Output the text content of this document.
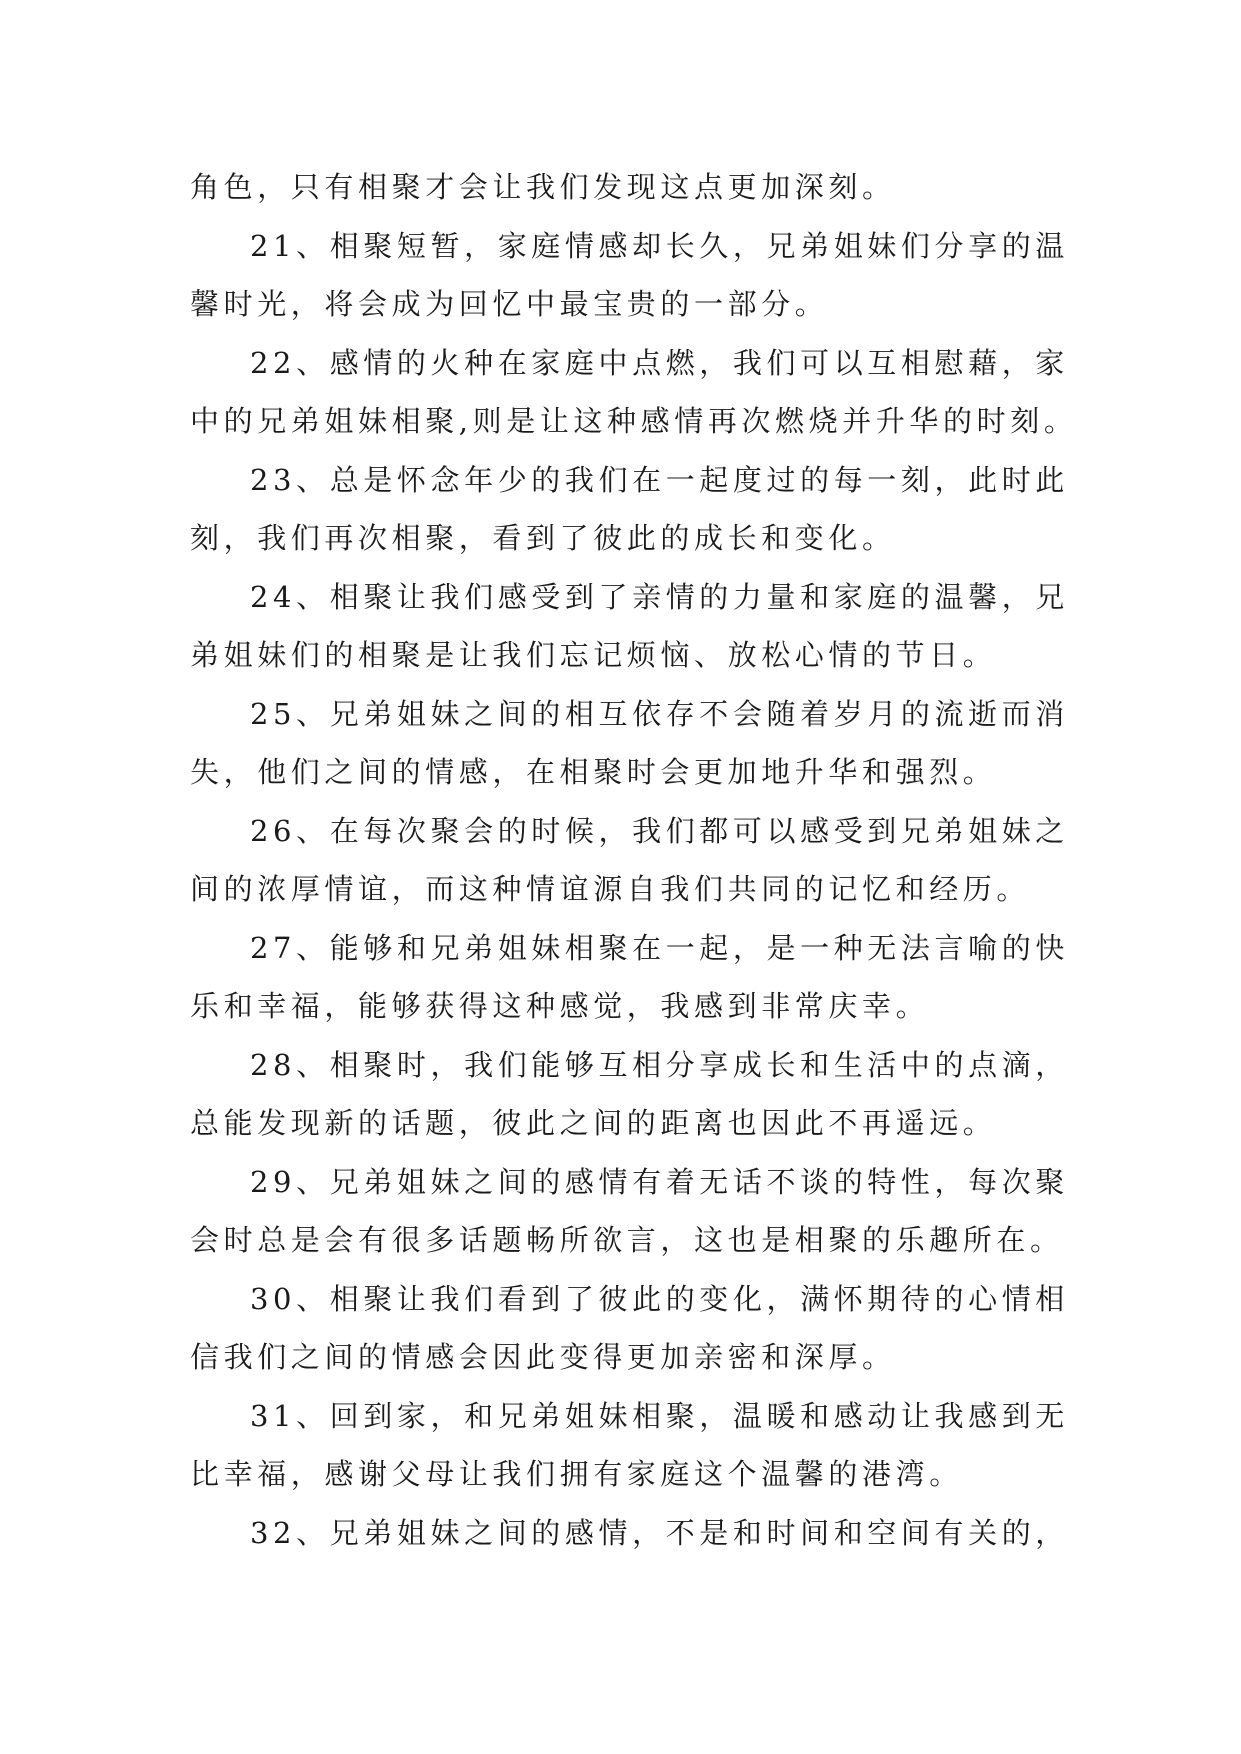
角色，只有相聚才会让我们发现这点更加深刻。
21、相聚短暂，家庭情感却长久，兄弟姐妹们分享的温
馨时光，将会成为回忆中最宝贵的一部分。
22、感情的火种在家庭中点燃，我们可以互相慰藉，家
中的兄弟姐妹相聚,则是让这种感情再次燃烧并升华的时刻。
23、总是怀念年少的我们在一起度过的每一刻，此时此
刻，我们再次相聚，看到了彼此的成长和变化。
24、相聚让我们感受到了亲情的力量和家庭的温馨，兄
弟姐妹们的相聚是让我们忘记烦恼、放松心情的节日。
25、兄弟姐妹之间的相互依存不会随着岁月的流逝而消
失，他们之间的情感，在相聚时会更加地升华和强烈。
26、在每次聚会的时候，我们都可以感受到兄弟姐妹之
间的浓厚情谊，而这种情谊源自我们共同的记忆和经历。
27、能够和兄弟姐妹相聚在一起，是一种无法言喻的快
乐和幸福，能够获得这种感觉，我感到非常庆幸。
28、相聚时，我们能够互相分享成长和生活中的点滴，
总能发现新的话题，彼此之间的距离也因此不再遥远。
29、兄弟姐妹之间的感情有着无话不谈的特性，每次聚
会时总是会有很多话题畅所欲言，这也是相聚的乐趣所在。
30、相聚让我们看到了彼此的变化，满怀期待的心情相
信我们之间的情感会因此变得更加亲密和深厚。
31、回到家，和兄弟姐妹相聚，温暖和感动让我感到无
比幸福，感谢父母让我们拥有家庭这个温馨的港湾。
32、兄弟姐妹之间的感情，不是和时间和空间有关的，
